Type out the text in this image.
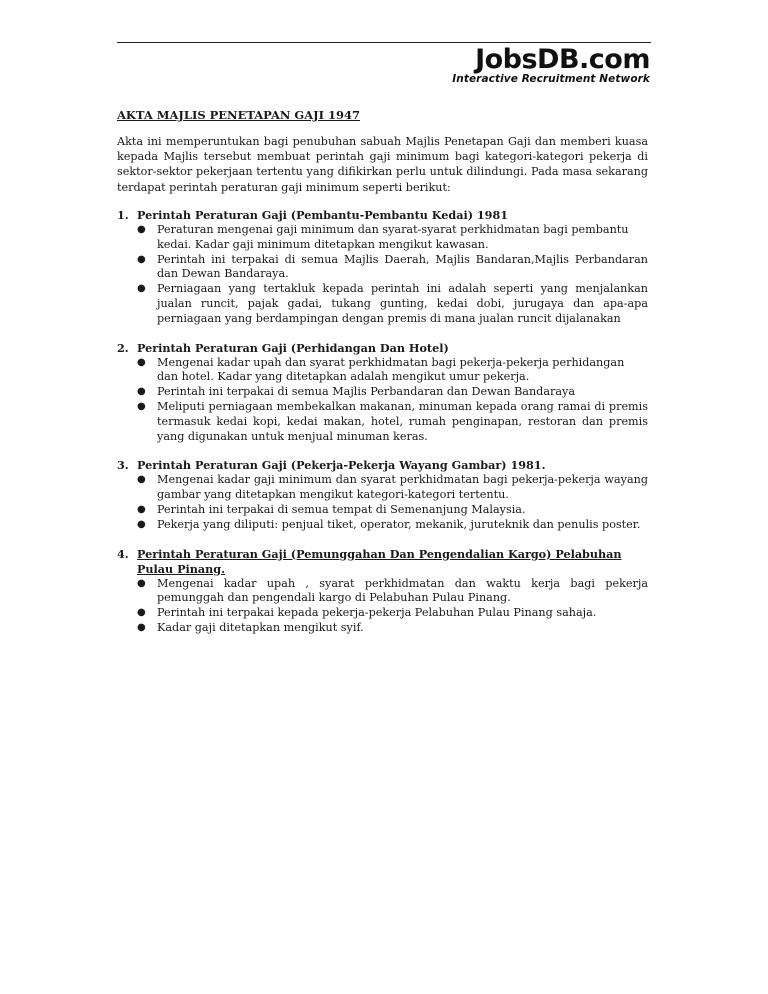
JobsDB.com
Interactive Recruitment Network
AKTA MAJLIS PENETAPAN GAJI 1947

Akta ini memperuntukan bagi penubuhan sabuah Majlis Penetapan Gaji dan memberi kuasa kepada Majlis tersebut membuat perintah gaji minimum bagi kategori-kategori pekerja di sektor-sektor pekerjaan tertentu yang difikirkan perlu untuk dilindungi. Pada masa sekarang terdapat perintah peraturan gaji minimum seperti berikut:

1. Perintah Peraturan Gaji (Pembantu-Pembantu Kedai) 1981
●	Peraturan mengenai gaji minimum dan syarat-syarat perkhidmatan bagi pembantu kedai. Kadar gaji minimum ditetapkan mengikut kawasan.
●	Perintah ini terpakai di semua Majlis Daerah, Majlis Bandaran,Majlis Perbandaran dan Dewan Bandaraya.
●	Perniagaan yang tertakluk kepada perintah ini adalah seperti yang menjalankan jualan runcit, pajak gadai, tukang gunting, kedai dobi, jurugaya dan apa-apa perniagaan yang berdampingan dengan premis di mana jualan runcit dijalanakan
2. Perintah Peraturan Gaji (Perhidangan Dan Hotel)
●	Mengenai kadar upah dan syarat perkhidmatan bagi pekerja-pekerja perhidangan dan hotel. Kadar yang ditetapkan adalah mengikut umur pekerja.
●	Perintah ini terpakai di semua Majlis Perbandaran dan Dewan Bandaraya
●	Meliputi perniagaan membekalkan makanan, minuman kepada orang ramai di premis termasuk kedai kopi, kedai makan, hotel, rumah penginapan, restoran dan premis yang digunakan untuk menjual minuman keras.
3. Perintah Peraturan Gaji (Pekerja-Pekerja Wayang Gambar) 1981.
●	Mengenai kadar gaji minimum dan syarat perkhidmatan bagi pekerja-pekerja wayang gambar yang ditetapkan mengikut kategori-kategori tertentu.
●	Perintah ini terpakai di semua tempat di Semenanjung Malaysia.
●	Pekerja yang diliputi: penjual tiket, operator, mekanik, juruteknik dan penulis poster.
4. Perintah Peraturan Gaji (Pemunggahan Dan Pengendalian Kargo) Pelabuhan Pulau Pinang.
●	Mengenai kadar upah , syarat perkhidmatan dan waktu kerja bagi pekerja pemunggah dan pengendali kargo di Pelabuhan Pulau Pinang.
●	Perintah ini terpakai kepada pekerja-pekerja Pelabuhan Pulau Pinang sahaja.
●	Kadar gaji ditetapkan mengikut syif.
